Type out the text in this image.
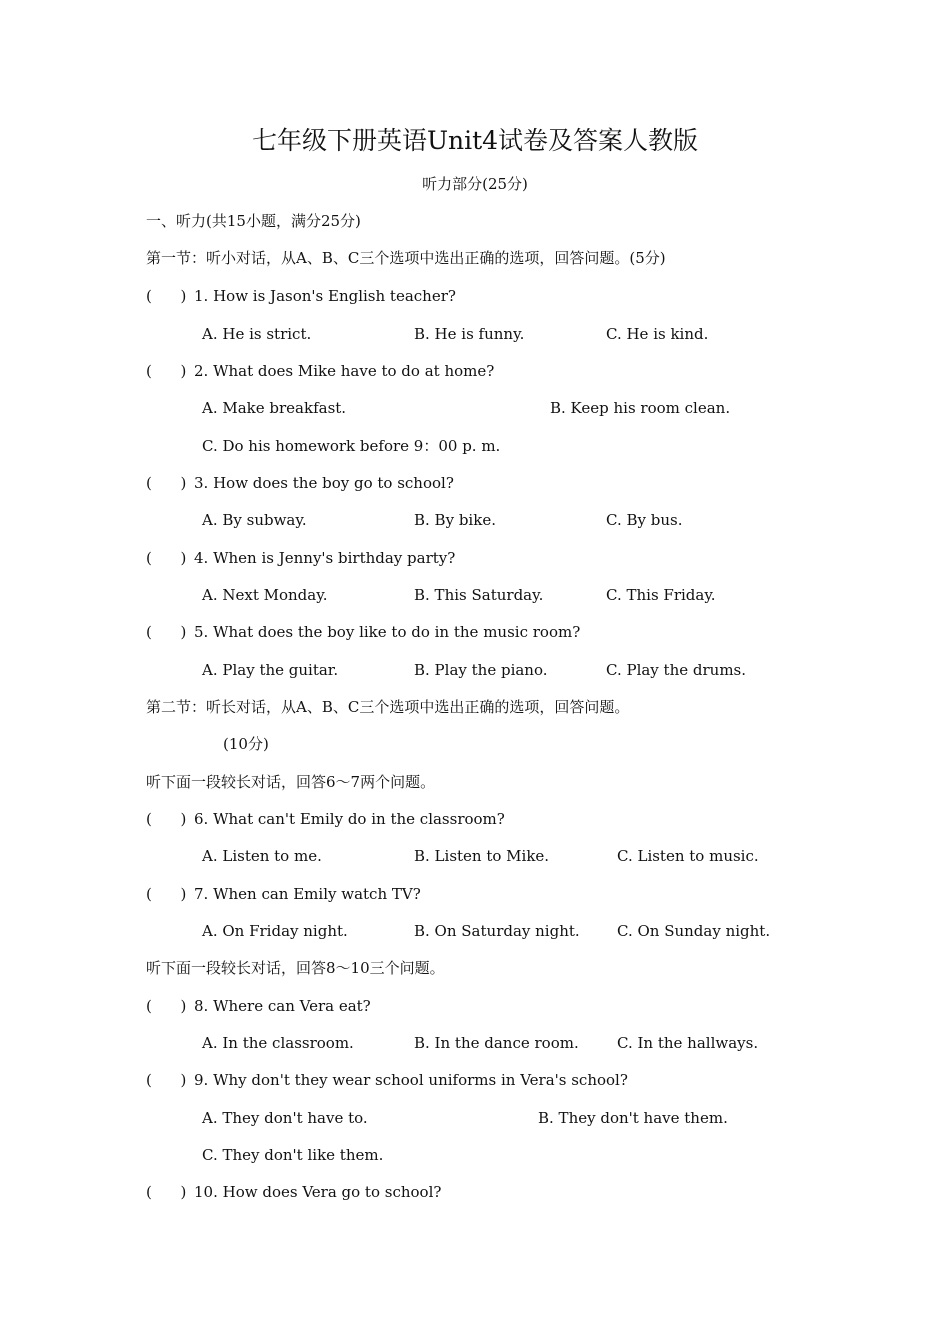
七年级下册英语Unit4试卷及答案人教版
听力部分(25分)
一、听力(共15小题，满分25分)
第一节：听小对话，从A、B、C三个选项中选出正确的选项，回答问题。(5分)
(      ) 1. How is Jason's English teacher?
A. He is strict.	B. He is funny.	C. He is kind.
(      ) 2. What does Mike have to do at home?
A. Make breakfast.	B. Keep his room clean.
C. Do his homework before 9：00 p. m.
(      ) 3. How does the boy go to school?
A. By subway.	B. By bike.	C. By bus.
(      ) 4. When is Jenny's birthday party?
A. Next Monday.	B. This Saturday.	C. This Friday.
(      ) 5. What does the boy like to do in the music room?
A. Play the guitar.	B. Play the piano.	C. Play the drums.
第二节：听长对话，从A、B、C三个选项中选出正确的选项，回答问题。
(10分)
听下面一段较长对话，回答6～7两个问题。
(      ) 6. What can't Emily do in the classroom?
A. Listen to me.	B. Listen to Mike.	C. Listen to music.
(      ) 7. When can Emily watch TV?
A. On Friday night.	B. On Saturday night. C. On Sunday night.
听下面一段较长对话，回答8～10三个问题。
(      ) 8. Where can Vera eat?
A. In the classroom.	B. In the dance room.	C. In the hallways.
(      ) 9. Why don't they wear school uniforms in Vera's school?
A. They don't have to.	B. They don't have them.
C. They don't like them.
(      ) 10. How does Vera go to school?
